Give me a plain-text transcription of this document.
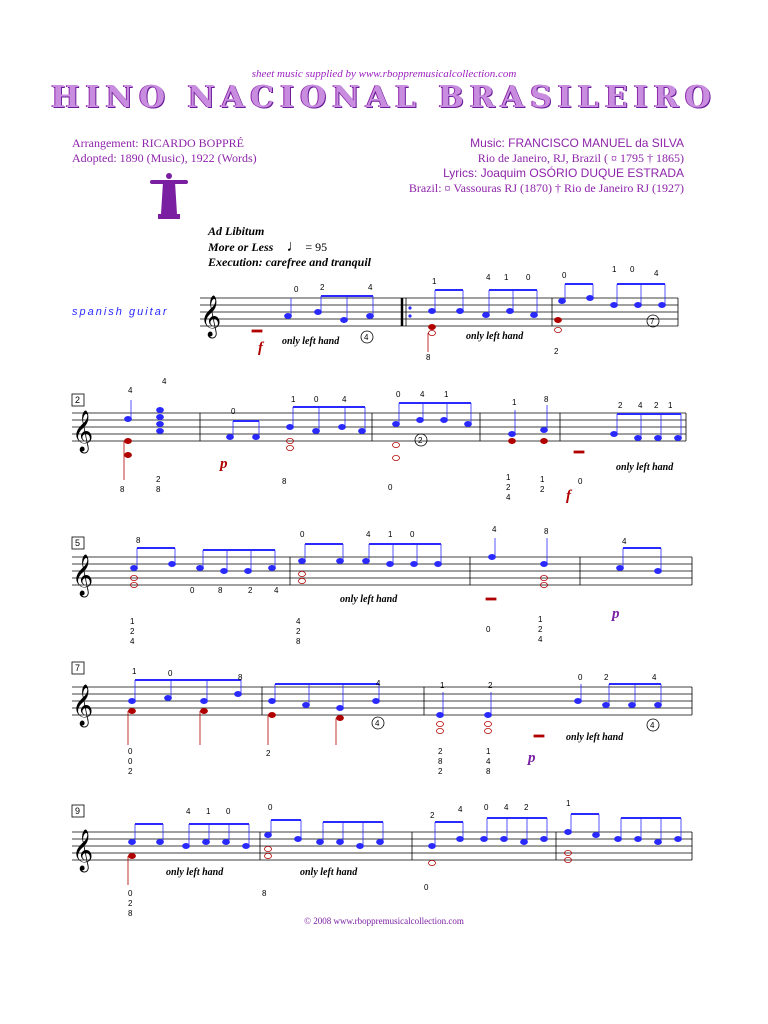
sheet music supplied by www.rboppremusicalcollection.com
HINO NACIONAL BRASILEIRO
Arrangement: RICARDO BOPPRÉ
Adopted: 1890 (Music), 1922 (Words)
Music: FRANCISCO MANUEL da SILVA
Rio de Janeiro, RJ, Brazil ( ¤ 1795 † 1865)
Lyrics: Joaquim OSÓRIO DUQUE ESTRADA
Brazil: ¤ Vassouras RJ (1870) † Rio de Janeiro RJ (1927)
Ad Libitum
More or Less ♩ = 95
Execution: carefree and tranquil
spanish guitar 𝄞
𝄞
𝄞
𝄞
𝄞
2
5
7
9
0	2	4
1	4 1 0	0
1 0 4
8
2
4
4
0
1 0	4
0 4 1
1	8
2 4 2 1
8
2
8
8
0
1
2
4
1
2
0
8
0	8	2	4
0	4 1 0
4	8
4
1
2
4
4
2
8
0
1
2
4
1	0	8
4	1	2
0	2	4
0
0
2
2	2
8
2
1
4
8
4 1 0	0
2
4	0 4 2	1
0
2
8
8
0
4
7
2
4	4
only left hand	only left hand
only left hand
only left hand
only left hand
only left hand	only left hand
f
p
f
p
p
© 2008 www.rboppremusicalcollection.com
